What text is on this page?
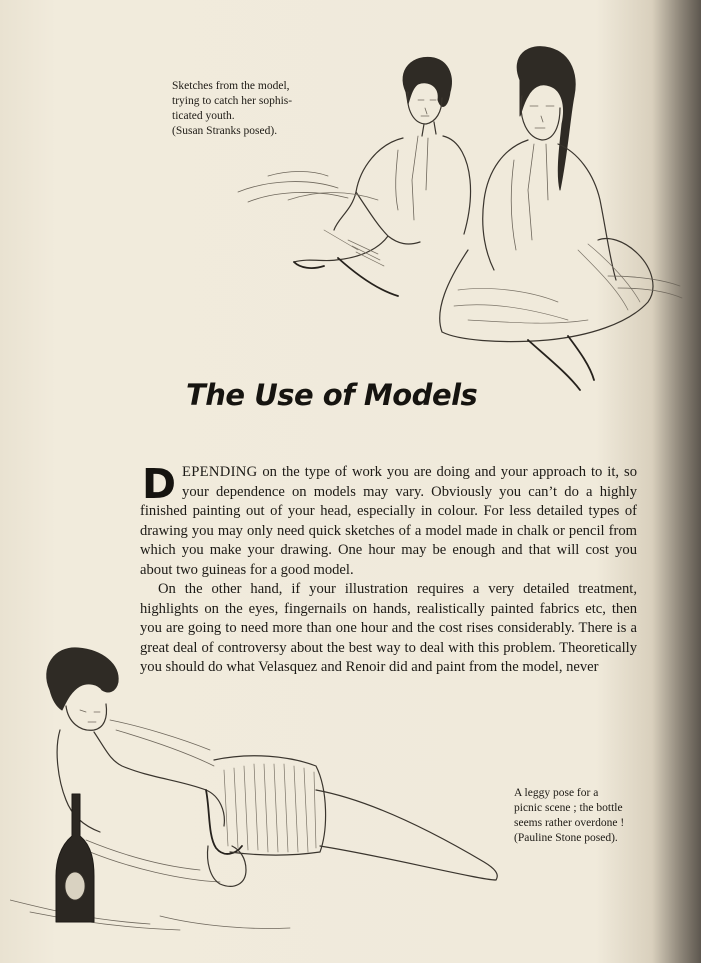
Sketches from the model,
trying to catch her sophis-
ticated youth.
(Susan Stranks posed).
The Use of Models

DEPENDING on the type of work you are doing and your approach to it, so your dependence on models may vary. Obviously you can’t do a highly finished painting out of your head, especially in colour. For less detailed types of drawing you may only need quick sketches of a model made in chalk or pencil from which you make your drawing. One hour may be enough and that will cost you about two guineas for a good model.

On the other hand, if your illustration requires a very detailed treatment, highlights on the eyes, fingernails on hands, realistically painted fabrics etc, then you are going to need more than one hour and the cost rises considerably. There is a great deal of controversy about the best way to deal with this problem. Theoretically you should do what Velasquez and Renoir did and paint from the model, never

A leggy pose for a
picnic scene ; the bottle
seems rather overdone !
(Pauline Stone posed).
